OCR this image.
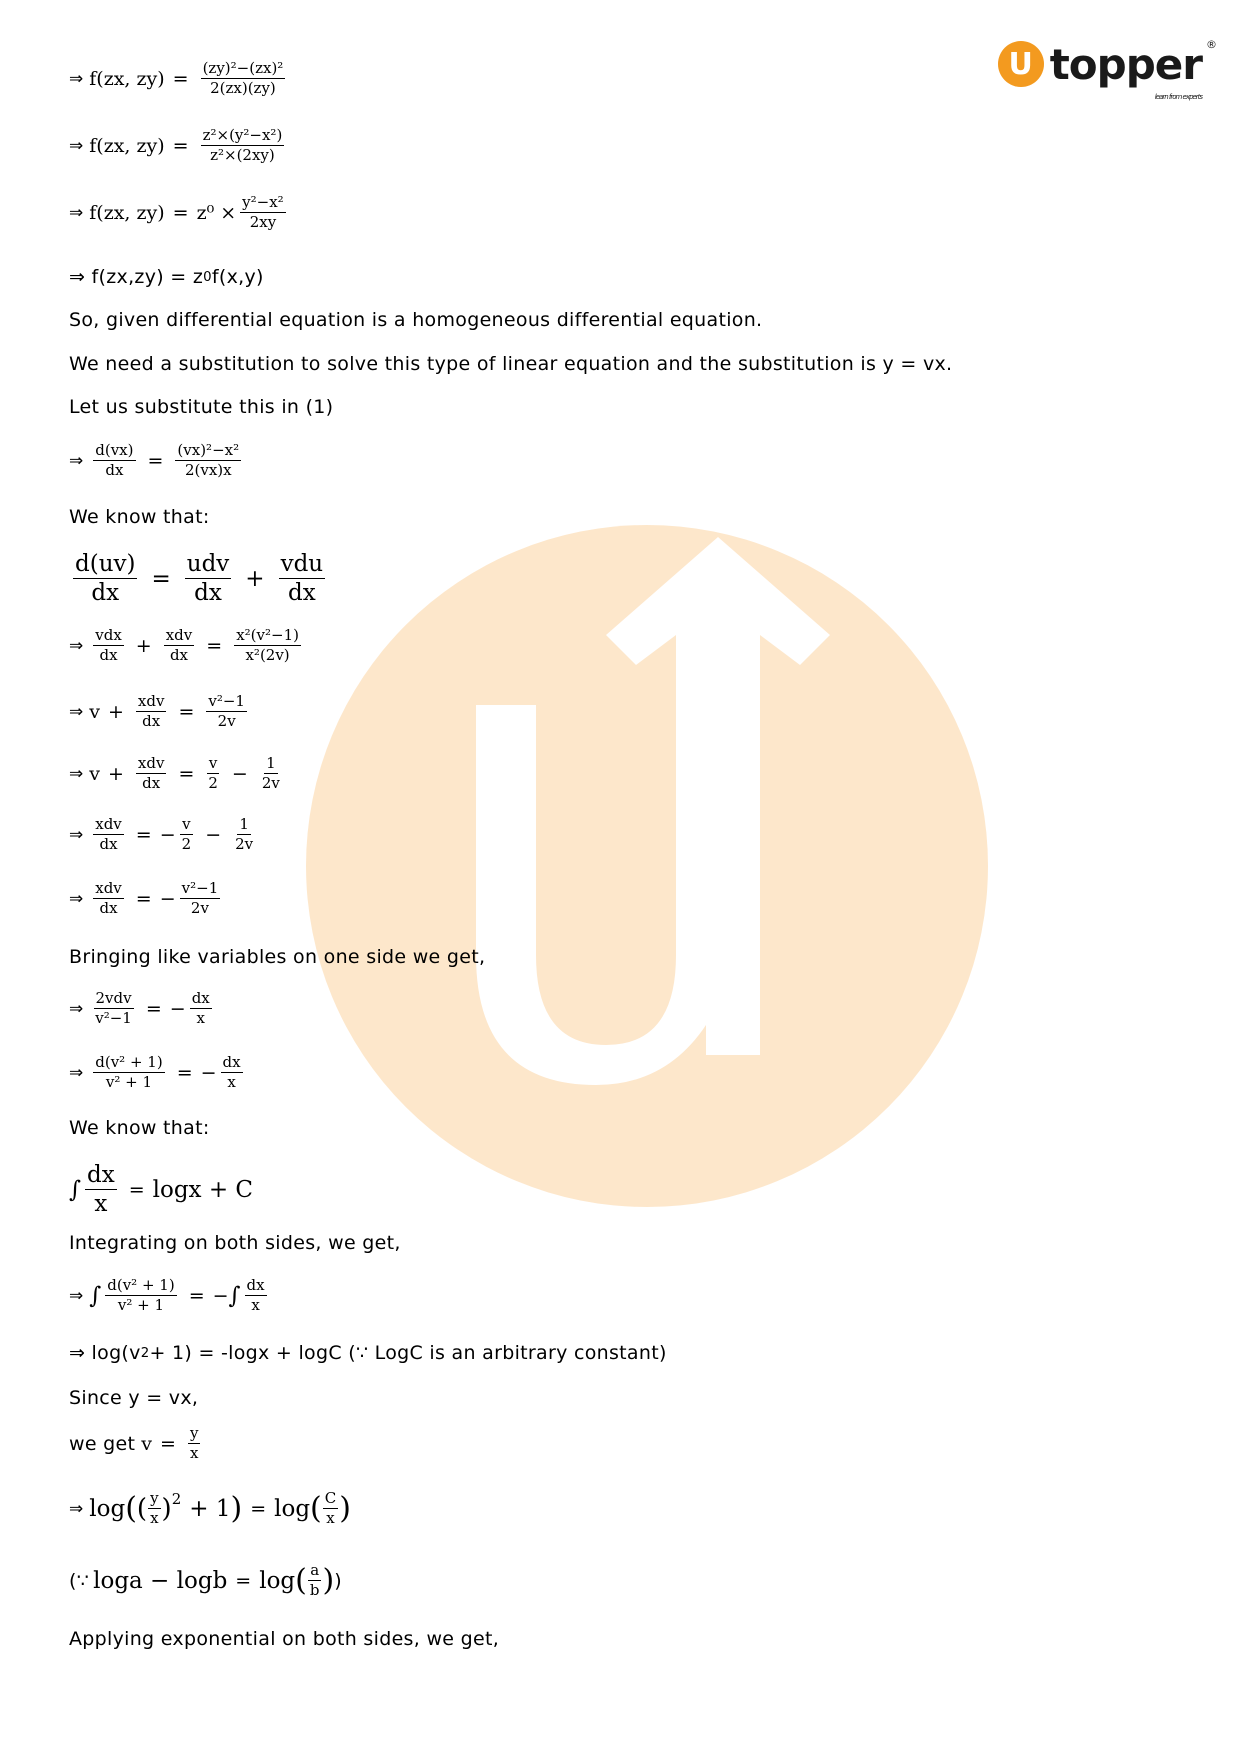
U topper ®
learn from experts
⇒ f(zx, $zy) = \frac{\text{(zy)²−(zx)²}}{2(zx)(zy)}$
⇒ f(zx, $zy) = \frac{\text{z²×(y²−x²)}}{\text{z²×(2xy)}}$
⇒ f(zx, $zy) = z^0 \times \frac{\text{y²−x²}}{2xy}$
⇒ f(zx,zy) = z 0 f(x,y)
So, given differential equation is a homogeneous differential equation.
We need a substitution to solve this type of linear equation and the substitution is y = vx.
Let us substitute this in (1)
⇒ $\frac{d(vx)}{dx} = \frac{\text{(vx)²−x²}}{2(vx)x}$
We know that:
$\frac{d(uv)}{dx} = \frac{\text{udv}}{dx} + \frac{\text{vdu}}{dx}$
⇒ $\frac{\text{vdx}}{dx} + \frac{\text{xdv}}{dx} = \frac{\text{x²(v²−1)}}{\text{x²(2v)}}$
⇒ $v + \frac{\text{xdv}}{dx} = \frac{\text{v²−1}}{2v}$
⇒ $v + \frac{\text{xdv}}{dx} = \frac{v}{2} - \frac{1}{2v}$
⇒ $\frac{\text{xdv}}{dx}$ = − $\frac{v}{2} - \frac{1}{2v}$
⇒ $\frac{\text{xdv}}{dx}$ = − $\frac{\text{v²−1}}{2v}$
Bringing like variables on one side we get,
⇒ $\frac{\text{2vdv}}{\text{v²−1}}$ = − $\frac{dx}{x}$
⇒ $\frac{\text{d(v² + 1)}}{\text{v² + 1}}$ = − $\frac{dx}{x}$
We know that:
∫ $\frac{dx}{x} = \log x + C$
Integrating on both sides, we get,
⇒ ∫ $\frac{\text{d(v² + 1)}}{\text{v² + 1}}$ = − ∫ $\frac{dx}{x}$
⇒ log(v 2 + 1) = -logx + logC (∵ LogC is an arbitrary constant)
Since y = vx,
we get $v = \frac{y}{x}$
⇒ log ( ( $\frac{y}{x}$ ) 2 + 1 ) = log ( $\frac{C}{x}$ )
(∵ loga − logb = log ( $\frac{a}{b}$ ) )
Applying exponential on both sides, we get,
